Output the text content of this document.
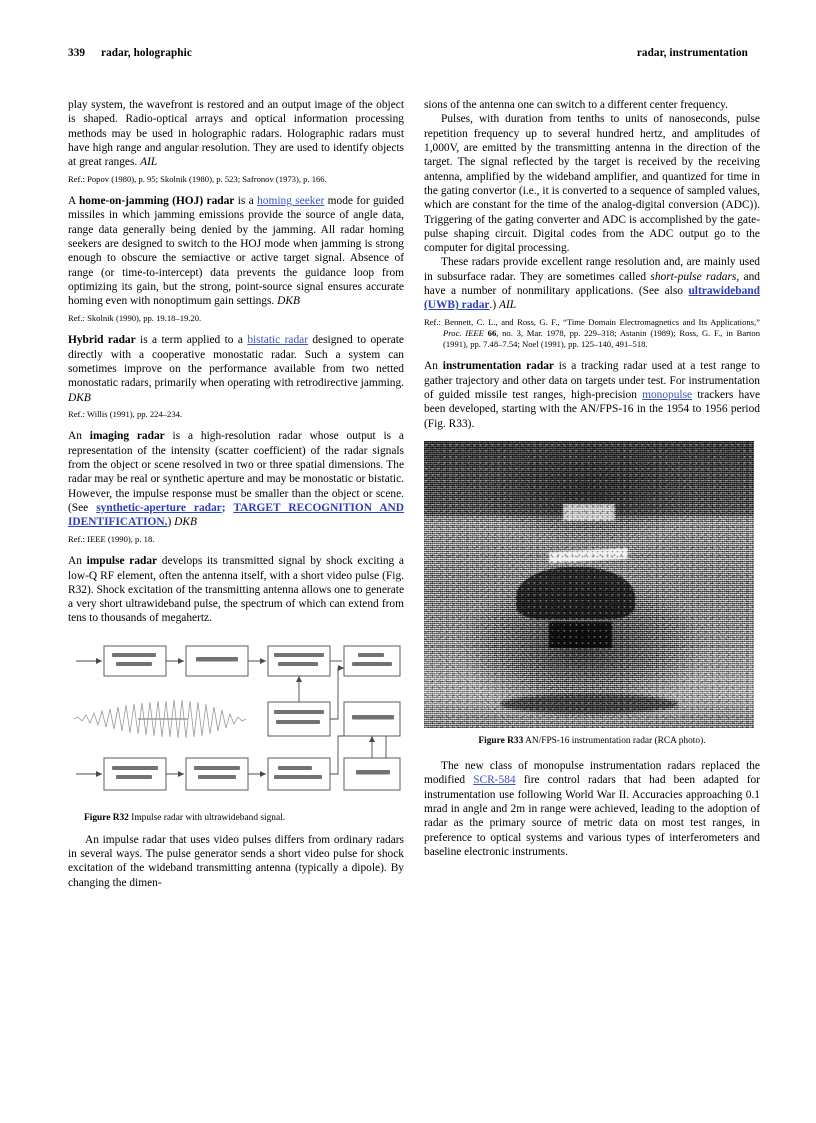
339 radar, holographic	radar, instrumentation

play system, the wavefront is restored and an output image of the object is shaped. Radio-optical arrays and optical information processing methods may be used in holographic radars. Holographic radars must have high range and angular resolution. They are used to identify objects at great ranges. AIL

Ref.: Popov (1980), p. 95; Skolnik (1980), p. 523; Safronov (1973), p. 166.

A home-on-jamming (HOJ) radar is a homing seeker mode for guided missiles in which jamming emissions provide the source of angle data, range data generally being denied by the jamming. All radar homing seekers are designed to switch to the HOJ mode when jamming is strong enough to obscure the semiactive or active target signal. Absence of range (or time-to-intercept) data prevents the guidance loop from optimizing its gain, but the strong, point-source signal ensures accurate homing even with nonoptimum gain settings. DKB

Ref.: Skolnik (1990), pp. 19.18–19.20.

Hybrid radar is a term applied to a bistatic radar designed to operate directly with a cooperative monostatic radar. Such a system can sometimes improve on the performance available from two netted monostatic radars, primarily when operating with retrodirective jamming. DKB

Ref.: Willis (1991), pp. 224–234.

An imaging radar is a high-resolution radar whose output is a representation of the intensity (scatter coefficient) of the radar signals from the object or scene resolved in two or three spatial dimensions. The radar may be real or synthetic aperture and may be monostatic or bistatic. However, the impulse response must be smaller than the object or scene. (See synthetic-aperture radar; TARGET RECOGNITION AND IDENTIFICATION.) DKB

Ref.: IEEE (1990), p. 18.

An impulse radar develops its transmitted signal by shock exciting a low-Q RF element, often the antenna itself, with a short video pulse (Fig. R32). Shock excitation of the transmitting antenna allows one to generate a very short ultrawideband pulse, the spectrum of which can extend from tens to thousands of megahertz.

Figure R32 Impulse radar with ultrawideband signal.

An impulse radar that uses video pulses differs from ordinary radars in several ways. The pulse generator sends a short video pulse for shock excitation of the wideband transmitting antenna (typically a dipole). By changing the dimen-

sions of the antenna one can switch to a different center frequency.

Pulses, with duration from tenths to units of nanoseconds, pulse repetition frequency up to several hundred hertz, and amplitudes of 1,000V, are emitted by the transmitting antenna in the direction of the target. The signal reflected by the target is received by the receiving antenna, amplified by the wideband amplifier, and quantized for time in the gating convertor (i.e., it is converted to a sequence of sampled values, which are constant for the time of the analog-digital conversion (ADC)). Triggering of the gating converter and ADC is accomplished by the gate-pulse shaping circuit. Digital codes from the ADC output go to the computer for digital processing.

These radars provide excellent range resolution and, are mainly used in subsurface radar. They are sometimes called short-pulse radars, and have a number of nonmilitary applications. (See also ultrawideband (UWB) radar.) AIL

Ref.: Bennett, C. L., and Ross, G. F., “Time Domain Electromagnetics and Its Applications,” Proc. IEEE 66, no. 3, Mar. 1978, pp. 229–318; Astanin (1989); Ross, G. F., in Barton (1991), pp. 7.48–7.54; Noel (1991), pp. 125–140, 491–518.

An instrumentation radar is a tracking radar used at a test range to gather trajectory and other data on targets under test. For instrumentation of guided missile test ranges, high-precision monopulse trackers have been developed, starting with the AN/FPS-16 in the 1954 to 1956 period (Fig. R33).

Figure R33 AN/FPS-16 instrumentation radar (RCA photo).

The new class of monopulse instrumentation radars replaced the modified SCR-584 fire control radars that had been adapted for instrumentation use following World War II. Accuracies approaching 0.1 mrad in angle and 2m in range were achieved, leading to the adoption of radar as the primary source of metric data on most test ranges, in preference to optical systems and various types of interferometers and baseline electronic instruments.
